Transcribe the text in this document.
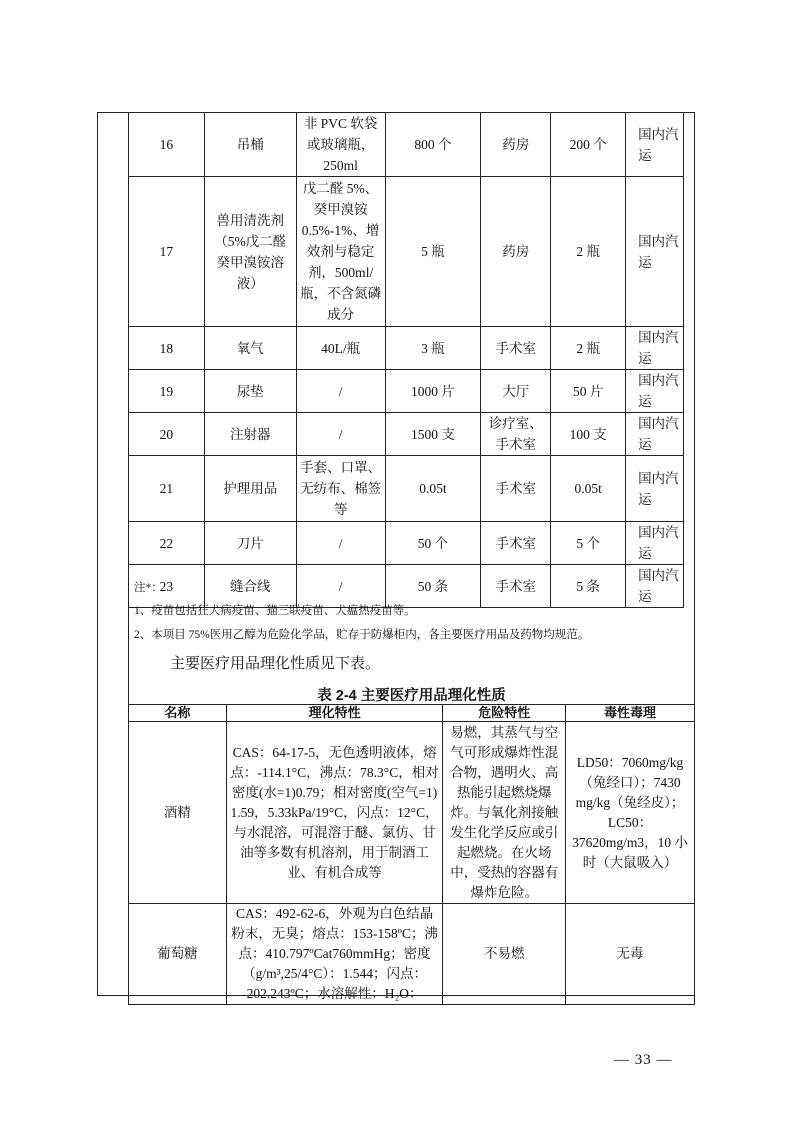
16	吊桶	非 PVC 软袋或玻璃瓶，250ml	800 个	药房	200 个	国内汽运
17	兽用清洗剂（5%戊二醛癸甲溴铵溶液）	戊二醛 5%、癸甲溴铵 0.5%-1%、增效剂与稳定剂，500ml/瓶，不含氮磷成分	5 瓶	药房	2 瓶	国内汽运
18	氧气	40L/瓶	3 瓶	手术室	2 瓶	国内汽运
19	尿垫	/	1000 片	大厅	50 片	国内汽运
20	注射器	/	1500 支	诊疗室、手术室	100 支	国内汽运
21	护理用品	手套、口罩、无纺布、棉签等	0.05t	手术室	0.05t	国内汽运
22	刀片	/	50 个	手术室	5 个	国内汽运
23	缝合线	/	50 条	手术室	5 条	国内汽运
注*：
1、疫苗包括狂犬病疫苗、猫三联疫苗、犬瘟热疫苗等。
2、本项目 75%医用乙醇为危险化学品，贮存于防爆柜内，各主要医疗用品及药物均规范。
主要医疗用品理化性质见下表。
表 2-4 主要医疗用品理化性质
名称	理化特性	危险特性	毒性毒理
酒精	CAS：64-17-5，无色透明液体，熔点：-114.1°C，沸点：78.3°C，相对密度(水=1)0.79；相对密度(空气=1) 1.59，5.33kPa/19°C，闪点：12°C，与水混溶，可混溶于醚、氯仿、甘油等多数有机溶剂，用于制酒工业、有机合成等	易燃，其蒸气与空气可形成爆炸性混合物，遇明火、高热能引起燃烧爆炸。与氧化剂接触发生化学反应或引起燃烧。在火场中，受热的容器有爆炸危险。	LD50：7060mg/kg（兔经口）；7430 mg/kg（兔经皮）；LC50：37620mg/m3，10 小时（大鼠吸入）
葡萄糖	CAS：492-62-6，外观为白色结晶粉末，无臭；熔点：153-158ºC；沸点：410.797ºCat760mmHg；密度（g/m³,25/4°C）：1.544；闪点：202.243ºC；水溶解性：H₂O：	不易燃	无毒
— 33 —
